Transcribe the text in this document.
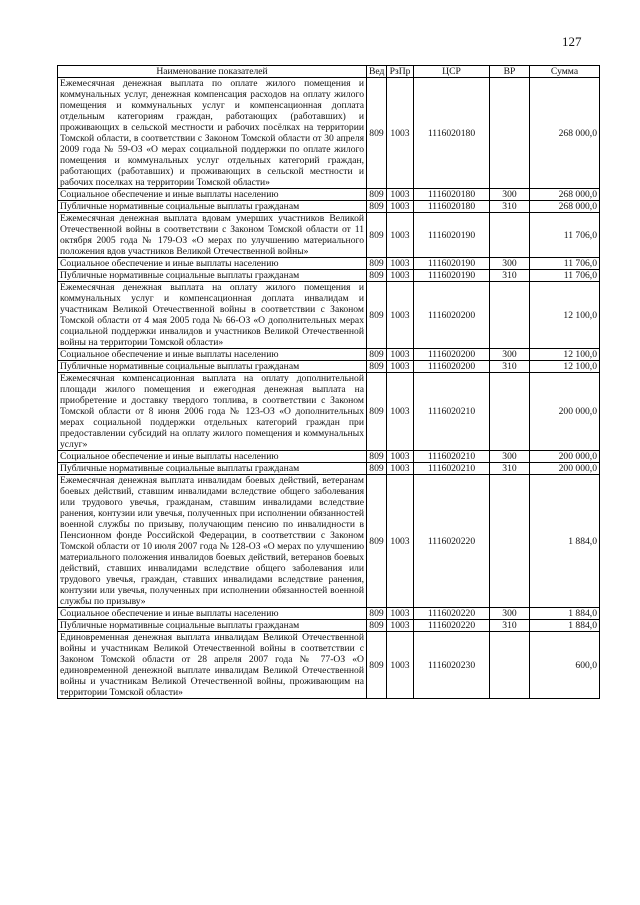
127
Наименование показателей	Вед	РзПр	ЦСР	ВР	Сумма
Ежемесячная денежная выплата по оплате жилого помещения и коммунальных услуг, денежная компенсация расходов на оплату жилого помещения и коммунальных услуг и компенсационная доплата отдельным категориям граждан, работающих (работавших) и проживающих в сельской местности и рабочих посёлках на территории Томской области, в соответствии с Законом Томской области от 30 апреля 2009 года № 59-ОЗ «О мерах социальной поддержки по оплате жилого помещения и коммунальных услуг отдельных категорий граждан, работающих (работавших) и проживающих в сельской местности и рабочих поселках на территории Томской области»	809	1003	1116020180		268 000,0
Социальное обеспечение и иные выплаты населению	809	1003	1116020180	300	268 000,0
Публичные нормативные социальные выплаты гражданам	809	1003	1116020180	310	268 000,0
Ежемесячная денежная выплата вдовам умерших участников Великой Отечественной войны в соответствии с Законом Томской области от 11 октября 2005 года № 179-ОЗ «О мерах по улучшению материального положения вдов участников Великой Отечественной войны»	809	1003	1116020190		11 706,0
Социальное обеспечение и иные выплаты населению	809	1003	1116020190	300	11 706,0
Публичные нормативные социальные выплаты гражданам	809	1003	1116020190	310	11 706,0
Ежемесячная денежная выплата на оплату жилого помещения и коммунальных услуг и компенсационная доплата инвалидам и участникам Великой Отечественной войны в соответствии с Законом Томской области от 4 мая 2005 года № 66-ОЗ «О дополнительных мерах социальной поддержки инвалидов и участников Великой Отечественной войны на территории Томской области»	809	1003	1116020200		12 100,0
Социальное обеспечение и иные выплаты населению	809	1003	1116020200	300	12 100,0
Публичные нормативные социальные выплаты гражданам	809	1003	1116020200	310	12 100,0
Ежемесячная компенсационная выплата на оплату дополнительной площади жилого помещения и ежегодная денежная выплата на приобретение и доставку твердого топлива, в соответствии с Законом Томской области от 8 июня 2006 года № 123-ОЗ «О дополнительных мерах социальной поддержки отдельных категорий граждан при предоставлении субсидий на оплату жилого помещения и коммунальных услуг»	809	1003	1116020210		200 000,0
Социальное обеспечение и иные выплаты населению	809	1003	1116020210	300	200 000,0
Публичные нормативные социальные выплаты гражданам	809	1003	1116020210	310	200 000,0
Ежемесячная денежная выплата инвалидам боевых действий, ветеранам боевых действий, ставшим инвалидами вследствие общего заболевания или трудового увечья, гражданам, ставшим инвалидами вследствие ранения, контузии или увечья, полученных при исполнении обязанностей военной службы по призыву, получающим пенсию по инвалидности в Пенсионном фонде Российской Федерации, в соответствии с Законом Томской области от 10 июля 2007 года № 128-ОЗ «О мерах по улучшению материального положения инвалидов боевых действий, ветеранов боевых действий, ставших инвалидами вследствие общего заболевания или трудового увечья, граждан, ставших инвалидами вследствие ранения, контузии или увечья, полученных при исполнении обязанностей военной службы по призыву»	809	1003	1116020220		1 884,0
Социальное обеспечение и иные выплаты населению	809	1003	1116020220	300	1 884,0
Публичные нормативные социальные выплаты гражданам	809	1003	1116020220	310	1 884,0
Единовременная денежная выплата инвалидам Великой Отечественной войны и участникам Великой Отечественной войны в соответствии с Законом Томской области от 28 апреля 2007 года № 77-ОЗ «О единовременной денежной выплате инвалидам Великой Отечественной войны и участникам Великой Отечественной войны, проживающим на территории Томской области»	809	1003	1116020230		600,0
